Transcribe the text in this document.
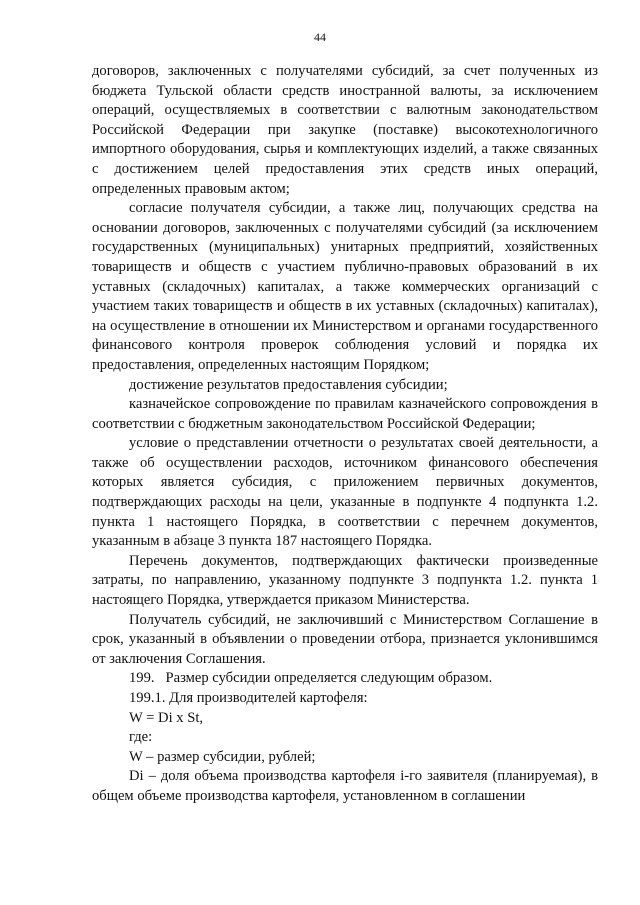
44

договоров, заключенных с получателями субсидий, за счет полученных из бюджета Тульской области средств иностранной валюты, за исключением операций, осуществляемых в соответствии с валютным законодательством Российской Федерации при закупке (поставке) высокотехнологичного импортного оборудования, сырья и комплектующих изделий, а также связанных с достижением целей предоставления этих средств иных операций, определенных правовым актом;

согласие получателя субсидии, а также лиц, получающих средства на основании договоров, заключенных с получателями субсидий (за исключением государственных (муниципальных) унитарных предприятий, хозяйственных товариществ и обществ с участием публично-правовых образований в их уставных (складочных) капиталах, а также коммерческих организаций с участием таких товариществ и обществ в их уставных (складочных) капиталах), на осуществление в отношении их Министерством и органами государственного финансового контроля проверок соблюдения условий и порядка их предоставления, определенных настоящим Порядком;

достижение результатов предоставления субсидии;

казначейское сопровождение по правилам казначейского сопровождения в соответствии с бюджетным законодательством Российской Федерации;

условие о представлении отчетности о результатах своей деятельности, а также об осуществлении расходов, источником финансового обеспечения которых является субсидия, с приложением первичных документов, подтверждающих расходы на цели, указанные в подпункте 4 подпункта 1.2. пункта 1 настоящего Порядка, в соответствии с перечнем документов, указанным в абзаце 3 пункта 187 настоящего Порядка.

Перечень документов, подтверждающих фактически произведенные затраты, по направлению, указанному подпункте 3 подпункта 1.2. пункта 1 настоящего Порядка, утверждается приказом Министерства.

Получатель субсидий, не заключивший с Министерством Соглашение в срок, указанный в объявлении о проведении отбора, признается уклонившимся от заключения Соглашения.

199.   Размер субсидии определяется следующим образом.

199.1. Для производителей картофеля:

W = Di x St,

где:

W – размер субсидии, рублей;

Di – доля объема производства картофеля i-го заявителя (планируемая), в общем объеме производства картофеля, установленном в соглашении
